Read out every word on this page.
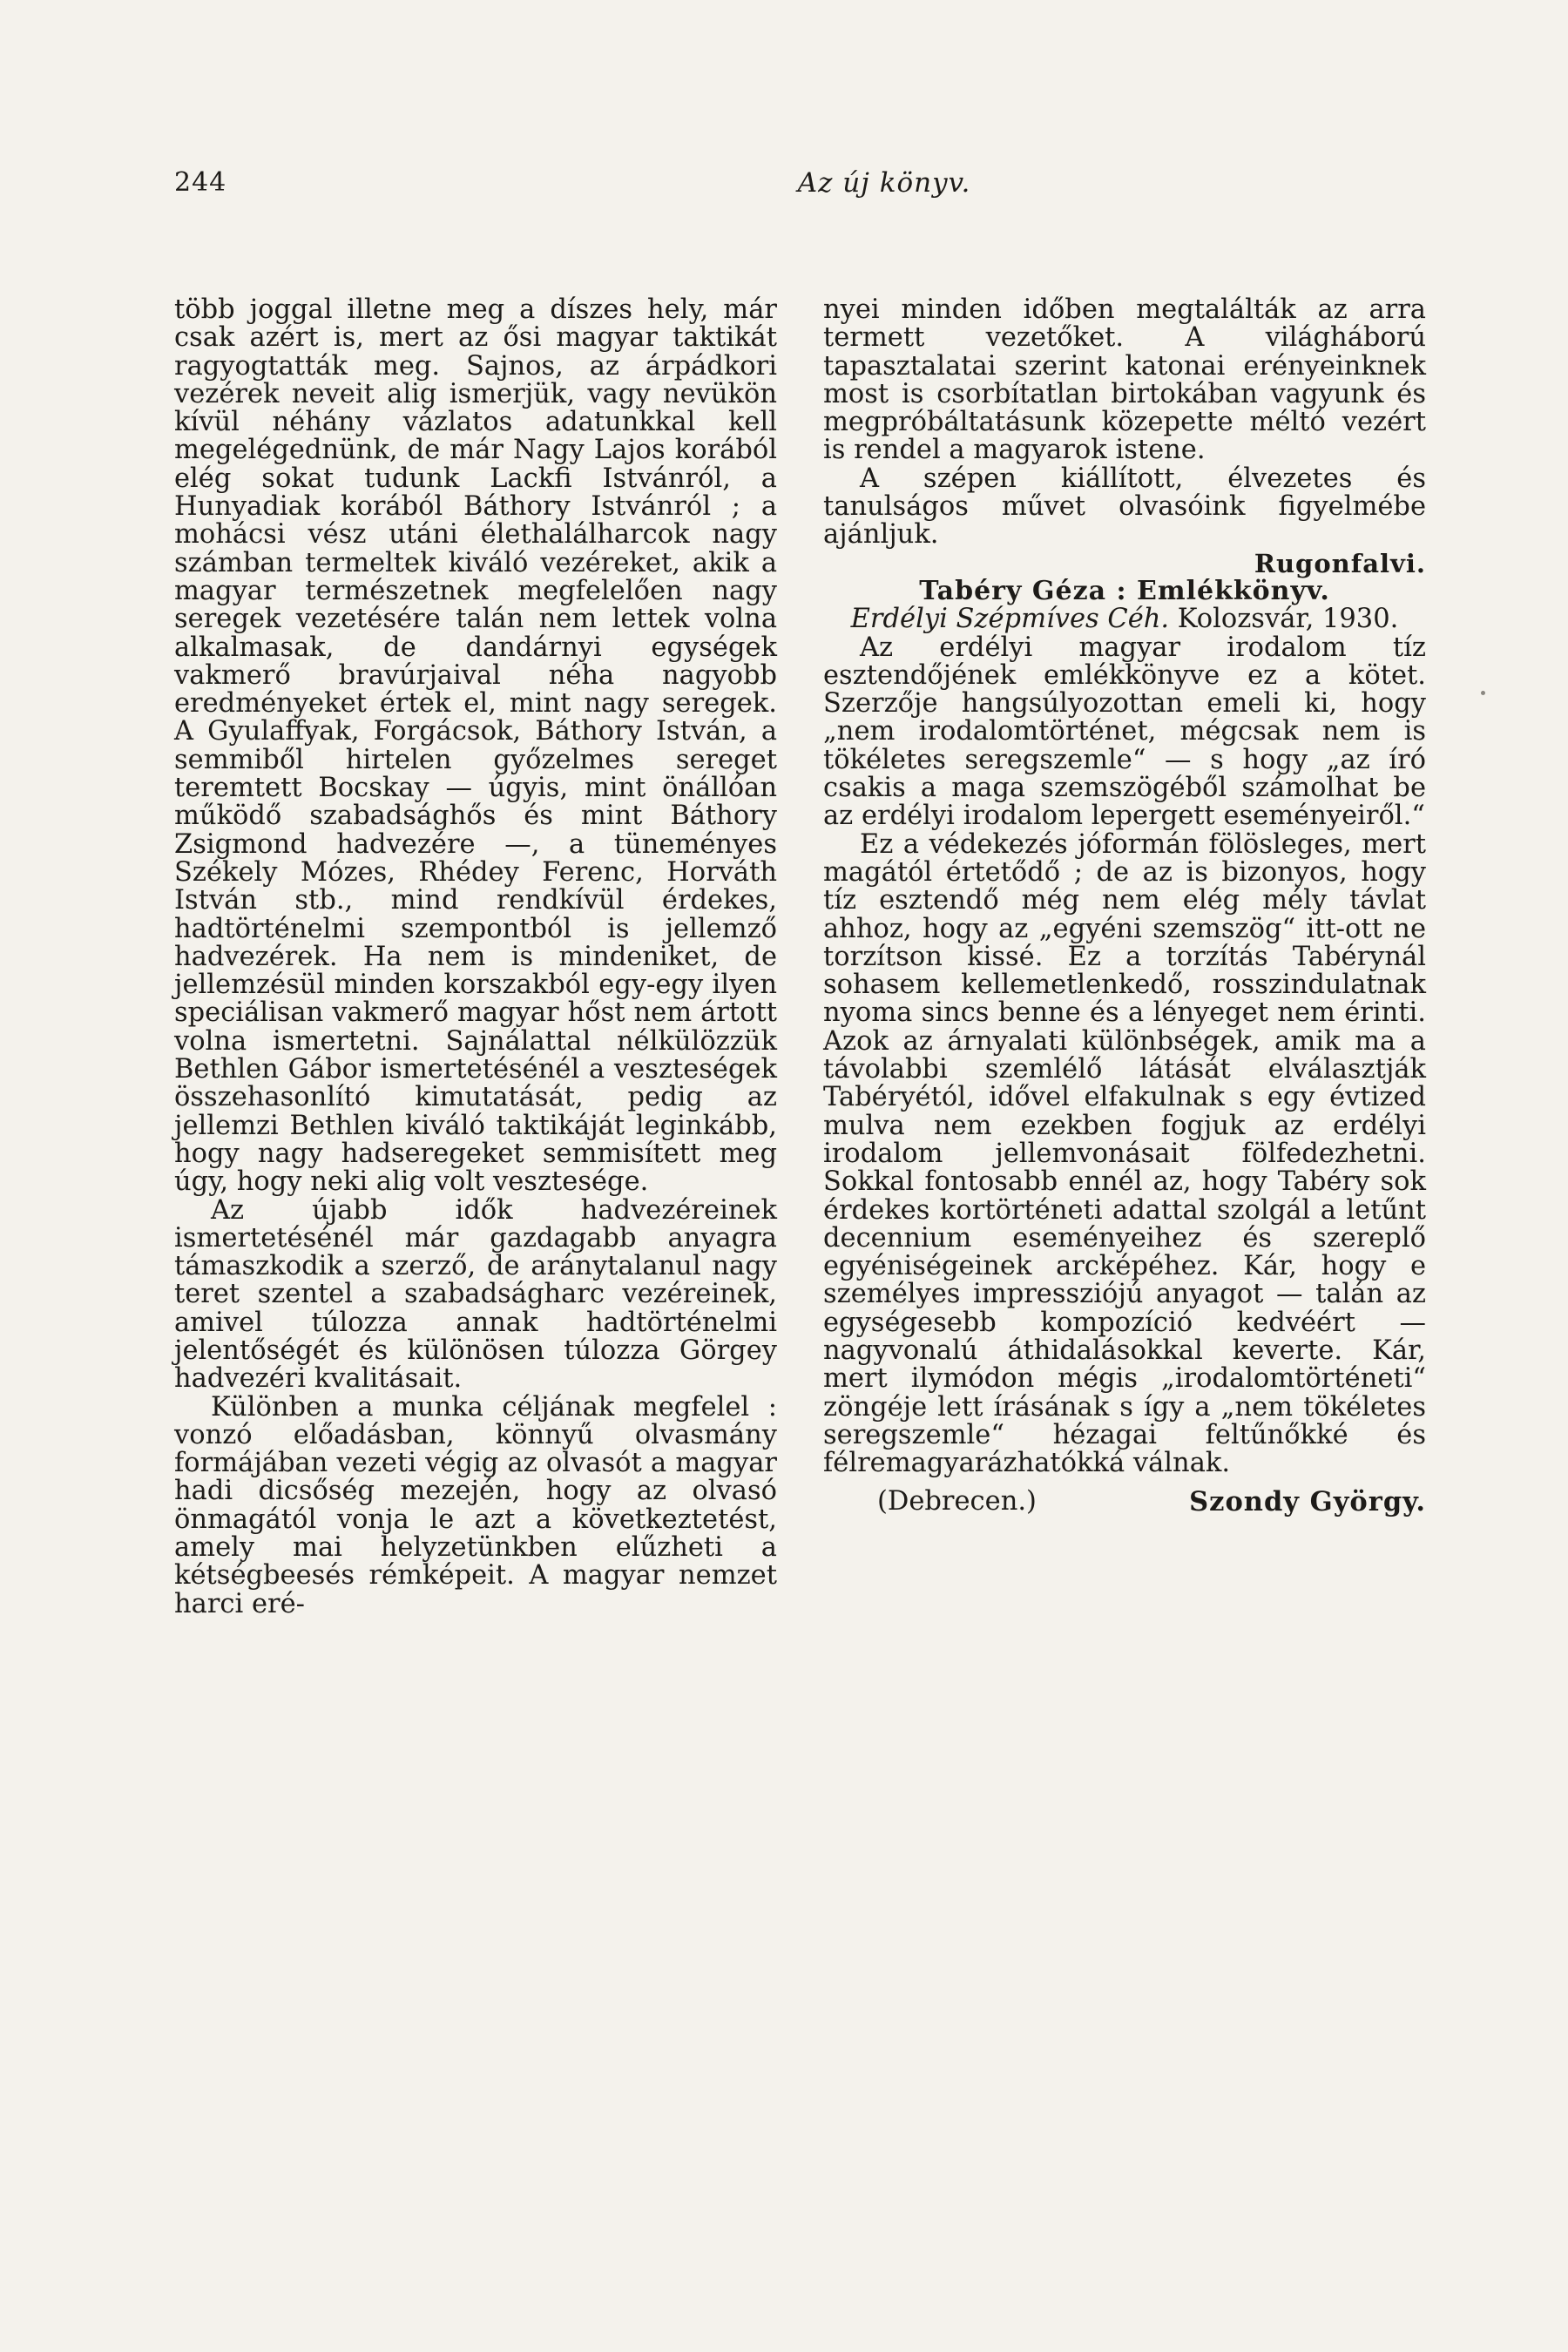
244	Az új könyv.

több joggal illetne meg a díszes hely, már csak azért is, mert az ősi magyar taktikát ragyogtatták meg. Sajnos, az árpádkori vezérek neveit alig ismerjük, vagy nevükön kívül néhány vázlatos adatunkkal kell megelégednünk, de már Nagy Lajos korából elég sokat tudunk Lackfi Istvánról, a Hunyadiak korából Báthory Istvánról ; a mohácsi vész utáni élethalálharcok nagy számban termeltek kiváló vezéreket, akik a magyar természetnek megfelelően nagy seregek vezetésére talán nem lettek volna alkalmasak, de dandárnyi egységek vakmerő bravúrjaival néha nagyobb eredményeket értek el, mint nagy seregek. A Gyulaffyak, Forgácsok, Báthory István, a semmiből hirtelen győzelmes sereget teremtett Bocskay — úgyis, mint önállóan működő szabadsághős és mint Báthory Zsigmond hadvezére —, a tüneményes Székely Mózes, Rhédey Ferenc, Horváth István stb., mind rendkívül érdekes, hadtörténelmi szempontból is jellemző hadvezérek. Ha nem is mindeniket, de jellemzésül minden korszakból egy-egy ilyen speciálisan vakmerő magyar hőst nem ártott volna ismertetni. Sajnálattal nélkülözzük Bethlen Gábor ismertetésénél a veszteségek összehasonlító kimutatását, pedig az jellemzi Bethlen kiváló taktikáját leginkább, hogy nagy hadseregeket semmisített meg úgy, hogy neki alig volt vesztesége.

Az újabb idők hadvezéreinek ismertetésénél már gazdagabb anyagra támaszkodik a szerző, de aránytalanul nagy teret szentel a szabadságharc vezéreinek, amivel túlozza annak hadtörténelmi jelentőségét és különösen túlozza Görgey hadvezéri kvalitásait.

Különben a munka céljának megfelel : vonzó előadásban, könnyű olvasmány formájában vezeti végig az olvasót a magyar hadi dicsőség mezején, hogy az olvasó önmagától vonja le azt a következtetést, amely mai helyzetünkben elűzheti a kétségbeesés rémképeit. A magyar nemzet harci eré-

nyei minden időben megtalálták az arra termett vezetőket. A világháború tapasztalatai szerint katonai erényeinknek most is csorbítatlan birtokában vagyunk és megpróbáltatásunk közepette méltó vezért is rendel a magyarok istene.

A szépen kiállított, élvezetes és tanulságos művet olvasóink figyelmébe ajánljuk.

Rugonfalvi.

Tabéry Géza : Emlékkönyv.

Erdélyi Szépmíves Céh. Kolozsvár, 1930.

Az erdélyi magyar irodalom tíz esztendőjének emlékkönyve ez a kötet. Szerzője hangsúlyozottan emeli ki, hogy „nem irodalomtörténet, mégcsak nem is tökéletes seregszemle“ — s hogy „az író csakis a maga szemszögéből számolhat be az erdélyi irodalom lepergett eseményeiről.“

Ez a védekezés jóformán fölösleges, mert magától értetődő ; de az is bizonyos, hogy tíz esztendő még nem elég mély távlat ahhoz, hogy az „egyéni szemszög“ itt-ott ne torzítson kissé. Ez a torzítás Tabérynál sohasem kellemetlenkedő, rosszindulatnak nyoma sincs benne és a lényeget nem érinti. Azok az árnyalati különbségek, amik ma a távolabbi szemlélő látását elválasztják Tabéryétól, idővel elfakulnak s egy évtized mulva nem ezekben fogjuk az erdélyi irodalom jellemvonásait fölfedezhetni. Sokkal fontosabb ennél az, hogy Tabéry sok érdekes kortörténeti adattal szolgál a letűnt decennium eseményeihez és szereplő egyéniségeinek arcképéhez. Kár, hogy e személyes impressziójú anyagot — talán az egységesebb kompozíció kedvéért — nagyvonalú áthidalásokkal keverte. Kár, mert ilymódon mégis „irodalomtörténeti“ zöngéje lett írásának s így a „nem tökéletes seregszemle“ hézagai feltűnőkké és félremagyarázhatókká válnak.

(Debrecen.)	Szondy György.
